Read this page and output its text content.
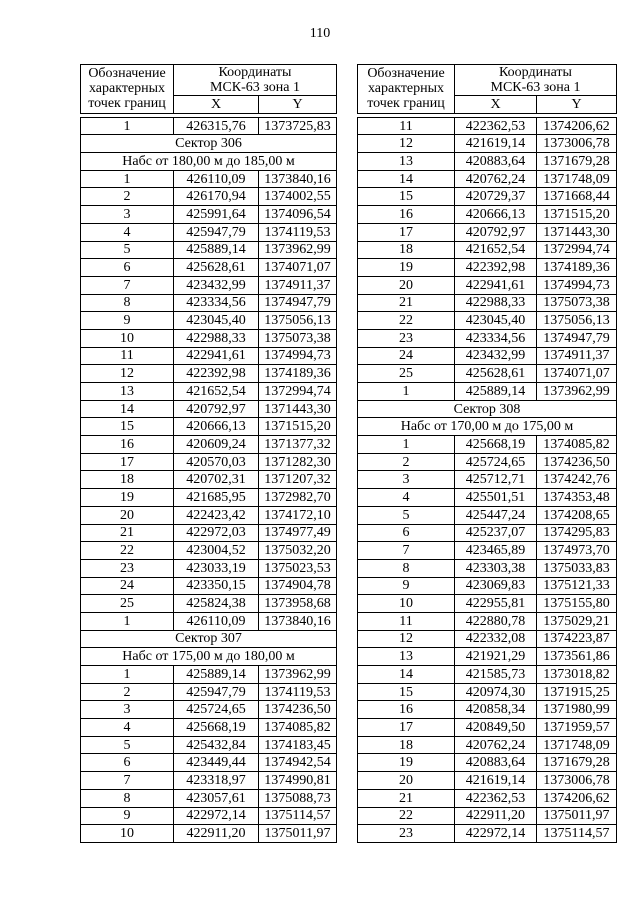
110
Обозначение
характерных
точек границ	Координаты
МСК-63 зона 1	
	X	Y

1	426315,76	1373725,83
Сектор 306		
Набс от 180,00 м до 185,00 м		
1	426110,09	1373840,16
2	426170,94	1374002,55
3	425991,64	1374096,54
4	425947,79	1374119,53
5	425889,14	1373962,99
6	425628,61	1374071,07
7	423432,99	1374911,37
8	423334,56	1374947,79
9	423045,40	1375056,13
10	422988,33	1375073,38
11	422941,61	1374994,73
12	422392,98	1374189,36
13	421652,54	1372994,74
14	420792,97	1371443,30
15	420666,13	1371515,20
16	420609,24	1371377,32
17	420570,03	1371282,30
18	420702,31	1371207,32
19	421685,95	1372982,70
20	422423,42	1374172,10
21	422972,03	1374977,49
22	423004,52	1375032,20
23	423033,19	1375023,53
24	423350,15	1374904,78
25	425824,38	1373958,68
1	426110,09	1373840,16
Сектор 307		
Набс от 175,00 м до 180,00 м		
1	425889,14	1373962,99
2	425947,79	1374119,53
3	425724,65	1374236,50
4	425668,19	1374085,82
5	425432,84	1374183,45
6	423449,44	1374942,54
7	423318,97	1374990,81
8	423057,61	1375088,73
9	422972,14	1375114,57
10	422911,20	1375011,97
Обозначение
характерных
точек границ	Координаты
МСК-63 зона 1	
	X	Y

11	422362,53	1374206,62
12	421619,14	1373006,78
13	420883,64	1371679,28
14	420762,24	1371748,09
15	420729,37	1371668,44
16	420666,13	1371515,20
17	420792,97	1371443,30
18	421652,54	1372994,74
19	422392,98	1374189,36
20	422941,61	1374994,73
21	422988,33	1375073,38
22	423045,40	1375056,13
23	423334,56	1374947,79
24	423432,99	1374911,37
25	425628,61	1374071,07
1	425889,14	1373962,99
Сектор 308		
Набс от 170,00 м до 175,00 м		
1	425668,19	1374085,82
2	425724,65	1374236,50
3	425712,71	1374242,76
4	425501,51	1374353,48
5	425447,24	1374208,65
6	425237,07	1374295,83
7	423465,89	1374973,70
8	423303,38	1375033,83
9	423069,83	1375121,33
10	422955,81	1375155,80
11	422880,78	1375029,21
12	422332,08	1374223,87
13	421921,29	1373561,86
14	421585,73	1373018,82
15	420974,30	1371915,25
16	420858,34	1371980,99
17	420849,50	1371959,57
18	420762,24	1371748,09
19	420883,64	1371679,28
20	421619,14	1373006,78
21	422362,53	1374206,62
22	422911,20	1375011,97
23	422972,14	1375114,57
